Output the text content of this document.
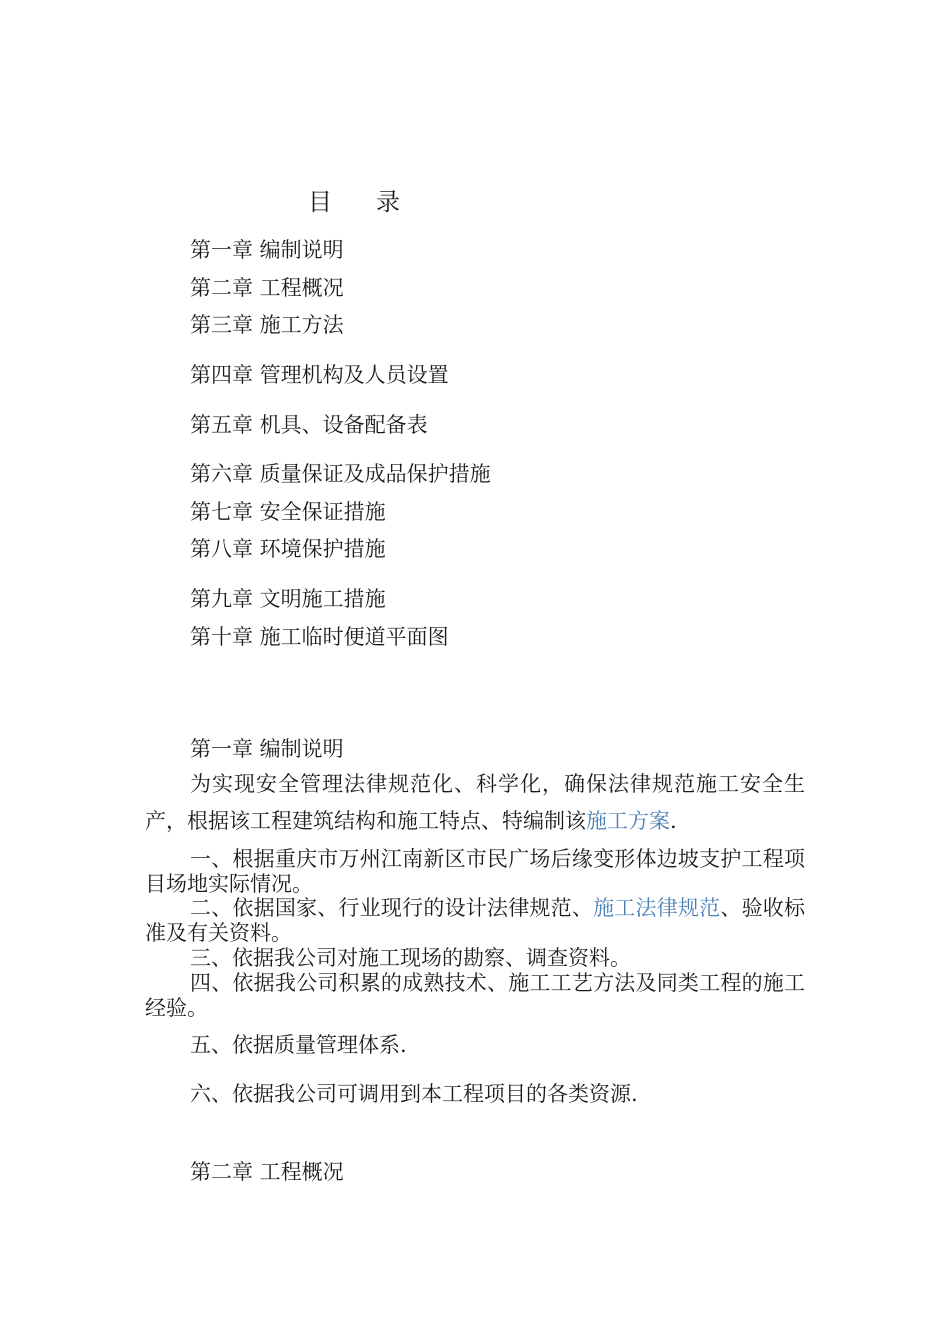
目 录
第一章 编制说明
第二章 工程概况
第三章 施工方法
第四章 管理机构及人员设置
第五章 机具、设备配备表
第六章 质量保证及成品保护措施
第七章 安全保证措施
第八章 环境保护措施
第九章 文明施工措施
第十章 施工临时便道平面图
第一章 编制说明
为实现安全管理法律规范化、科学化，确保法律规范施工安全生产，根据该工程建筑结构和施工特点、特编制该施工方案.
一、根据重庆市万州江南新区市民广场后缘变形体边坡支护工程项目场地实际情况。
二、依据国家、行业现行的设计法律规范、施工法律规范、验收标准及有关资料。
三、依据我公司对施工现场的勘察、调查资料。
四、依据我公司积累的成熟技术、施工工艺方法及同类工程的施工经验。
五、依据质量管理体系.
六、依据我公司可调用到本工程项目的各类资源.
第二章 工程概况
